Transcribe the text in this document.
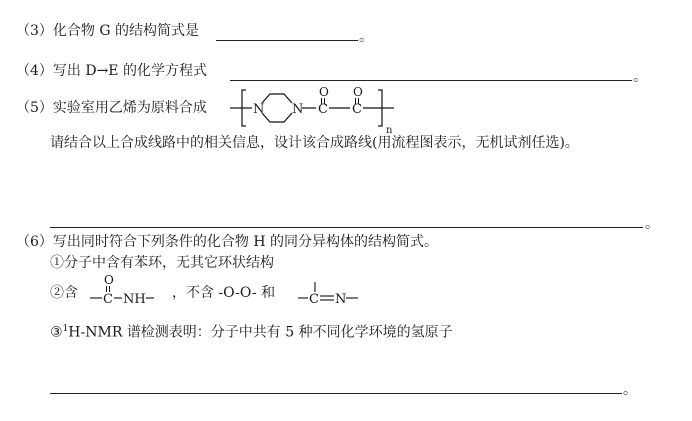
（3）化合物 G 的结构简式是	。
（4）写出 D→E 的化学方程式	。
（5）实验室用乙烯为原料合成	N N
O
C
O
C
n
请结合以上合成线路中的相关信息，设计该合成路线(用流程图表示，无机试剂任选)。
。
（6）写出同时符合下列条件的化合物 H 的同分异构体的结构简式。
①分子中含有苯环，无其它环状结构
②含
O
C NH ，不含 -O-O- 和	C N
③$^1$H-NMR 谱检测表明：分子中共有 5 种不同化学环境的氢原子
。
